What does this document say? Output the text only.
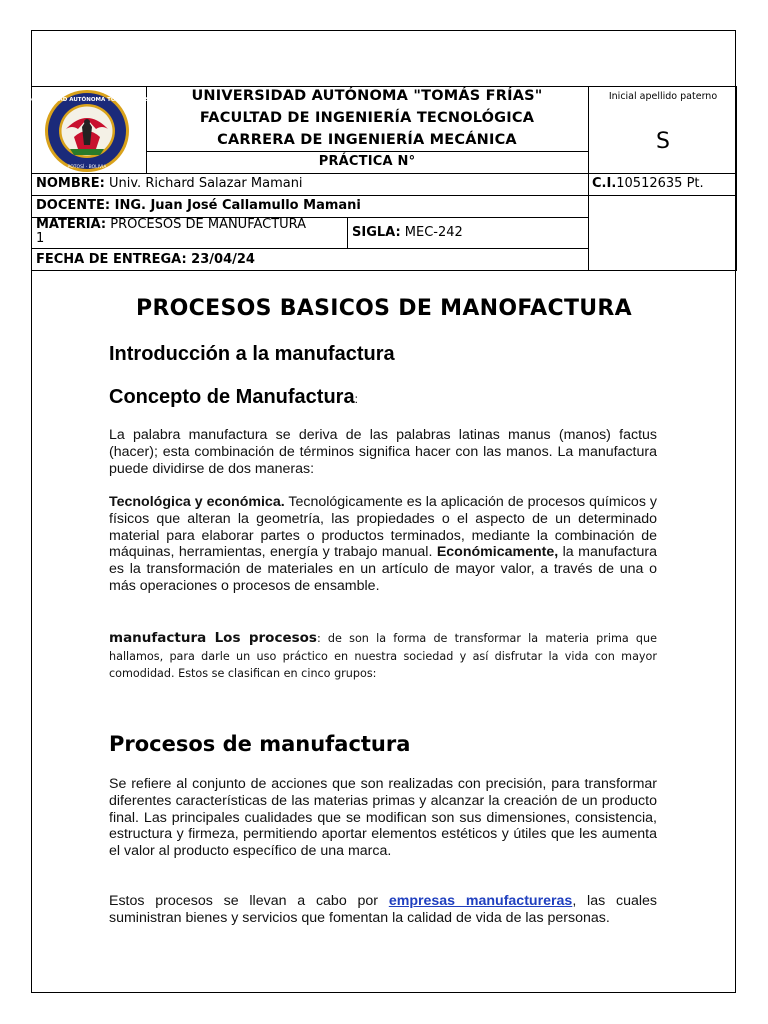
UNIVERSIDAD AUTÓNOMA TOMÁS FRÍAS
POTOSÍ · BOLIVIA
UNIVERSIDAD AUTÓNOMA "TOMÁS FRÍAS"
FACULTAD DE INGENIERÍA TECNOLÓGICA
CARRERA DE INGENIERÍA MECÁNICA
PRÁCTICA N°
Inicial apellido paterno
S
NOMBRE: Univ. Richard Salazar Mamani	C.I.10512635 Pt.
DOCENTE: ING. Juan José Callamullo Mamani
MATERIA: PROCESOS DE MANUFACTURA
1	SIGLA: MEC-242
FECHA DE ENTREGA: 23/04/24
PROCESOS BASICOS DE MANOFACTURA
Introducción a la manufactura
Concepto de Manufactura:
La palabra manufactura se deriva de las palabras latinas manus (manos) factus (hacer); esta combinación de términos significa hacer con las manos. La manufactura puede dividirse de dos maneras:
Tecnológica y económica. Tecnológicamente es la aplicación de procesos químicos y físicos que alteran la geometría, las propiedades o el aspecto de un determinado material para elaborar partes o productos terminados, mediante la combinación de máquinas, herramientas, energía y trabajo manual. Económicamente, la manufactura es la transformación de materiales en un artículo de mayor valor, a través de una o más operaciones o procesos de ensamble.
manufactura Los procesos: de son la forma de transformar la materia prima que hallamos, para darle un uso práctico en nuestra sociedad y así disfrutar la vida con mayor comodidad. Estos se clasifican en cinco grupos:
Procesos de manufactura
Se refiere al conjunto de acciones que son realizadas con precisión, para transformar diferentes características de las materias primas y alcanzar la creación de un producto final. Las principales cualidades que se modifican son sus dimensiones, consistencia, estructura y firmeza, permitiendo aportar elementos estéticos y útiles que les aumenta el valor al producto específico de una marca.
Estos procesos se llevan a cabo por empresas manufactureras, las cuales suministran bienes y servicios que fomentan la calidad de vida de las personas.
